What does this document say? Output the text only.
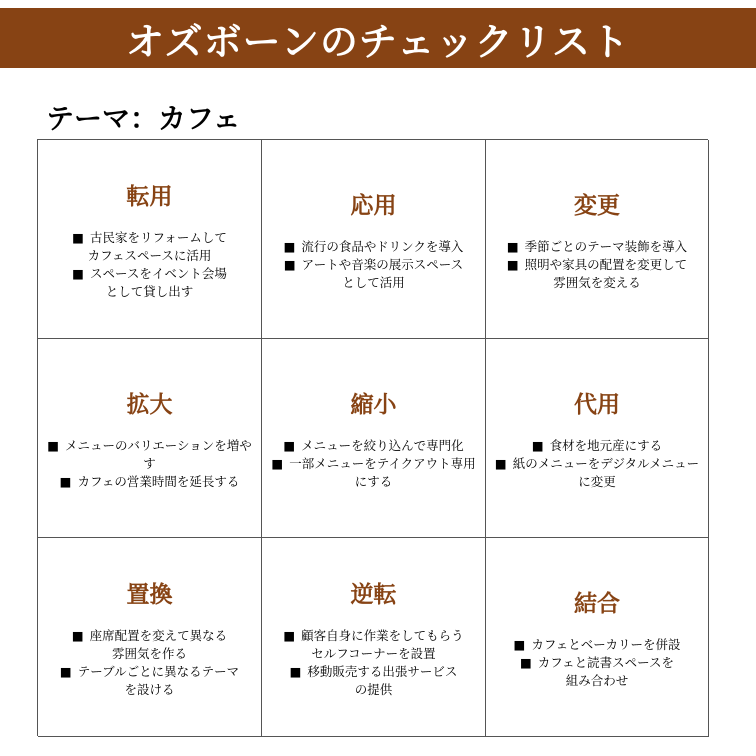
オズボーンのチェックリスト
テーマ：カフェ
転用
■ 古民家をリフォームして
カフェスペースに活用
■ スペースをイベント会場
として貸し出す
応用
■ 流行の食品やドリンクを導入
■ アートや音楽の展示スペース
として活用
変更
■ 季節ごとのテーマ装飾を導入
■ 照明や家具の配置を変更して
雰囲気を変える
拡大
■ メニューのバリエーションを増やす
■ カフェの営業時間を延長する
縮小
■ メニューを絞り込んで専門化
■ 一部メニューをテイクアウト専用
にする
代用
■ 食材を地元産にする
■ 紙のメニューをデジタルメニュー
に変更
置換
■ 座席配置を変えて異なる
雰囲気を作る
■ テーブルごとに異なるテーマ
を設ける
逆転
■ 顧客自身に作業をしてもらう
セルフコーナーを設置
■ 移動販売する出張サービス
の提供
結合
■ カフェとベーカリーを併設
■ カフェと読書スペースを
組み合わせ
